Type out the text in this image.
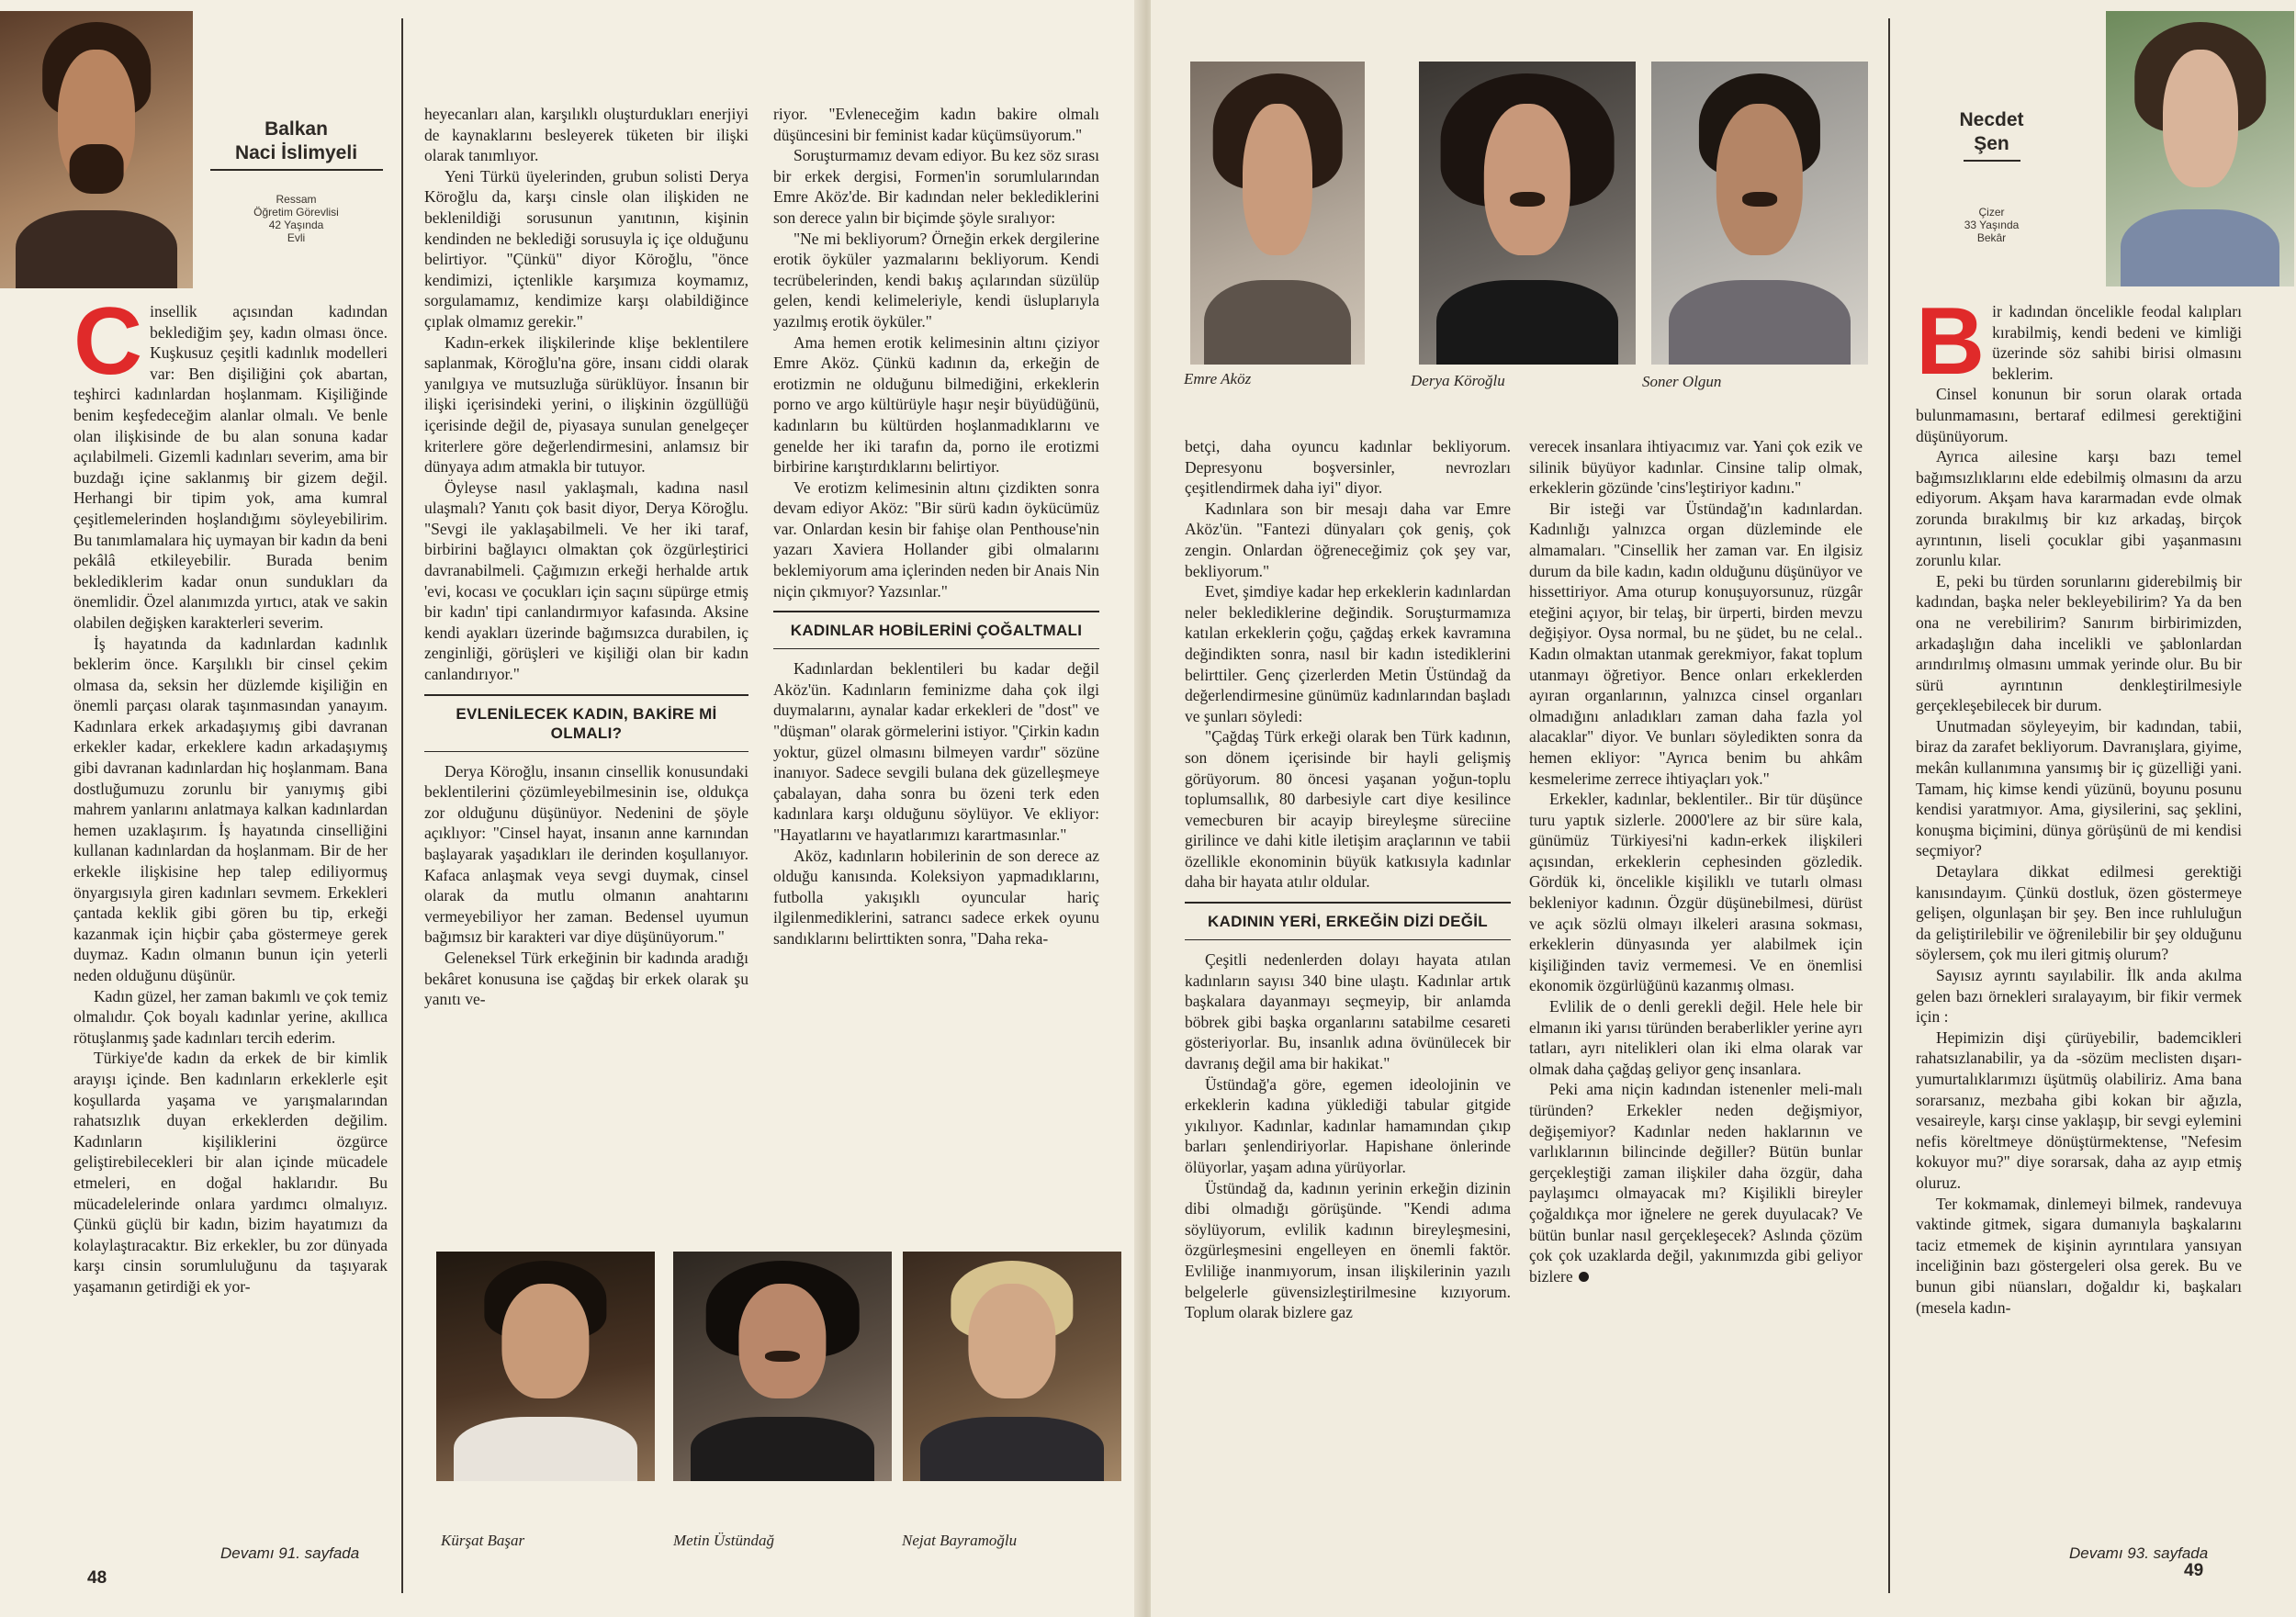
Balkan
Naci İslimyeli
Ressam
Öğretim Görevlisi
42 Yaşında
Evli
C insellik açısından kadından beklediğim şey, kadın olması önce. Kuşkusuz çeşitli kadınlık modelleri var: Ben dişiliğini çok abartan, teşhirci kadınlardan hoşlanmam. Kişiliğinde benim keşfedeceğim alanlar olmalı. Ve benle olan ilişkisinde de bu alan sonuna kadar açılabilmeli. Gizemli kadınları severim, ama bir buzdağı içine saklanmış bir gizem değil. Herhangi bir tipim yok, ama kumral çeşitlemelerinden hoşlandığımı söyleyebilirim. Bu tanımlamalara hiç uymayan bir kadın da beni pekâlâ etkileyebilir. Burada benim beklediklerim kadar onun sundukları da önemlidir. Özel alanımızda yırtıcı, atak ve sakin olabilen değişken karakterleri severim.

İş hayatında da kadınlardan kadınlık beklerim önce. Karşılıklı bir cinsel çekim olmasa da, seksin her düzlemde kişiliğin en önemli parçası olarak taşınmasından yanayım. Kadınlara erkek arkadaşıymış gibi davranan erkekler kadar, erkeklere kadın arkadaşıymış gibi davranan kadınlardan hiç hoşlanmam. Bana dostluğumuzu zorunlu bir yanıymış gibi mahrem yanlarını anlatmaya kalkan kadınlardan hemen uzaklaşırım. İş hayatında cinselliğini kullanan kadınlardan da hoşlanmam. Bir de her erkekle ilişkisine hep talep ediliyormuş önyargısıyla giren kadınları sevmem. Erkekleri çantada keklik gibi gören bu tip, erkeği kazanmak için hiçbir çaba göstermeye gerek duymaz. Kadın olmanın bunun için yeterli neden olduğunu düşünür.

Kadın güzel, her zaman bakımlı ve çok temiz olmalıdır. Çok boyalı kadınlar yerine, akıllıca rötuşlanmış şade kadınları tercih ederim.

Türkiye'de kadın da erkek de bir kimlik arayışı içinde. Ben kadınların erkeklerle eşit koşullarda yaşama ve yarışmalarından rahatsızlık duyan erkeklerden değilim. Kadınların kişiliklerini özgürce geliştirebilecekleri bir alan içinde mücadele etmeleri, en doğal haklarıdır. Bu mücadelelerinde onlara yardımcı olmalıyız. Çünkü güçlü bir kadın, bizim hayatımızı da kolaylaştıracaktır. Biz erkekler, bu zor dünyada karşı cinsin sorumluluğunu da taşıyarak yaşamanın getirdiği ek yor-

Devamı 91. sayfada
48

heyecanları alan, karşılıklı oluşturdukları enerjiyi de kaynaklarını besleyerek tüketen bir ilişki olarak tanımlıyor.

Yeni Türkü üyelerinden, grubun solisti Derya Köroğlu da, karşı cinsle olan ilişkiden ne beklenildiği sorusunun yanıtının, kişinin kendinden ne beklediği sorusuyla iç içe olduğunu belirtiyor. "Çünkü" diyor Köroğlu, "önce kendimizi, içtenlikle karşımıza koymamız, sorgulamamız, kendimize karşı olabildiğince çıplak olmamız gerekir."

Kadın-erkek ilişkilerinde klişe beklentilere saplanmak, Köroğlu'na göre, insanı ciddi olarak yanılgıya ve mutsuzluğa sürüklüyor. İnsanın bir ilişki içerisindeki yerini, o ilişkinin özgüllüğü içerisinde değil de, piyasaya sunulan genelgeçer kriterlere göre değerlendirmesini, anlamsız bir dünyaya adım atmakla bir tutuyor.

Öyleyse nasıl yaklaşmalı, kadına nasıl ulaşmalı? Yanıtı çok basit diyor, Derya Köroğlu. "Sevgi ile yaklaşabilmeli. Ve her iki taraf, birbirini bağlayıcı olmaktan çok özgürleştirici davranabilmeli. Çağımızın erkeği herhalde artık 'evi, kocası ve çocukları için saçını süpürge etmiş bir kadın' tipi canlandırmıyor kafasında. Aksine kendi ayakları üzerinde bağımsızca durabilen, iç zenginliği, görüşleri ve kişiliği olan bir kadın canlandırıyor."

EVLENİLECEK KADIN, BAKİRE Mİ OLMALI?

Derya Köroğlu, insanın cinsellik konusundaki beklentilerini çözümleyebilmesinin ise, oldukça zor olduğunu düşünüyor. Nedenini de şöyle açıklıyor: "Cinsel hayat, insanın anne karnından başlayarak yaşadıkları ile derinden koşullanıyor. Kafaca anlaşmak veya sevgi duymak, cinsel olarak da mutlu olmanın anahtarını vermeyebiliyor her zaman. Bedensel uyumun bağımsız bir karakteri var diye düşünüyorum."

Geleneksel Türk erkeğinin bir kadında aradığı bekâret konusuna ise çağdaş bir erkek olarak şu yanıtı ve-

riyor. "Evleneceğim kadın bakire olmalı düşüncesini bir feminist kadar küçümsüyorum."

Soruşturmamız devam ediyor. Bu kez söz sırası bir erkek dergisi, Formen'in sorumlularından Emre Aköz'de. Bir kadından neler beklediklerini son derece yalın bir biçimde şöyle sıralıyor:

"Ne mi bekliyorum? Örneğin erkek dergilerine erotik öyküler yazmalarını bekliyorum. Kendi tecrübelerinden, kendi bakış açılarından süzülüp gelen, kendi kelimeleriyle, kendi üsluplarıyla yazılmış erotik öyküler."

Ama hemen erotik kelimesinin altını çiziyor Emre Aköz. Çünkü kadının da, erkeğin de erotizmin ne olduğunu bilmediğini, erkeklerin porno ve argo kültürüyle haşır neşir büyüdüğünü, kadınların bu kültürden hoşlanmadıklarını ve genelde her iki tarafın da, porno ile erotizmi birbirine karıştırdıklarını belirtiyor.

Ve erotizm kelimesinin altını çizdikten sonra devam ediyor Aköz: "Bir sürü kadın öykücümüz var. Onlardan kesin bir fahişe olan Penthouse'nin yazarı Xaviera Hollander gibi olmalarını beklemiyorum ama içlerinden neden bir Anais Nin niçin çıkmıyor? Yazsınlar."

KADINLAR HOBİLERİNİ ÇOĞALTMALI

Kadınlardan beklentileri bu kadar değil Aköz'ün. Kadınların feminizme daha çok ilgi duymalarını, aynalar kadar erkekleri de "dost" ve "düşman" olarak görmelerini istiyor. "Çirkin kadın yoktur, güzel olmasını bilmeyen vardır" sözüne inanıyor. Sadece sevgili bulana dek güzelleşmeye çabalayan, daha sonra bu özeni terk eden kadınlara karşı olduğunu söylüyor. Ve ekliyor: "Hayatlarını ve hayatlarımızı karartmasınlar."

Aköz, kadınların hobilerinin de son derece az olduğu kanısında. Koleksiyon yapmadıklarını, futbolla yakışıklı oyuncular hariç ilgilenmediklerini, satrancı sadece erkek oyunu sandıklarını belirttikten sonra, "Daha reka-

Kürşat Başar	Metin Üstündağ	Nejat Bayramoğlu
Emre Aköz	Derya Köroğlu	Soner Olgun
Necdet
Şen
Çizer
33 Yaşında
Bekâr

betçi, daha oyuncu kadınlar bekliyorum. Depresyonu boşversinler, nevrozları çeşitlendirmek daha iyi" diyor.

Kadınlara son bir mesajı daha var Emre Aköz'ün. "Fantezi dünyaları çok geniş, çok zengin. Onlardan öğreneceğimiz çok şey var, bekliyorum."

Evet, şimdiye kadar hep erkeklerin kadınlardan neler beklediklerine değindik. Soruşturmamıza katılan erkeklerin çoğu, çağdaş erkek kavramına değindikten sonra, nasıl bir kadın istediklerini belirttiler. Genç çizerlerden Metin Üstündağ da değerlendirmesine günümüz kadınlarından başladı ve şunları söyledi:

"Çağdaş Türk erkeği olarak ben Türk kadının, son dönem içerisinde bir hayli gelişmiş görüyorum. 80 öncesi yaşanan yoğun-toplu toplumsallık, 80 darbesiyle cart diye kesilince vemecburen bir acayip bireyleşme süreciine girilince ve dahi kitle iletişim araçlarının ve tabii özellikle ekonominin büyük katkısıyla kadınlar daha bir hayata atılır oldular.

KADININ YERİ, ERKEĞİN DİZİ DEĞİL

Çeşitli nedenlerden dolayı hayata atılan kadınların sayısı 340 bine ulaştı. Kadınlar artık başkalara dayanmayı seçmeyip, bir anlamda böbrek gibi başka organlarını satabilme cesareti gösteriyorlar. Bu, insanlık adına övünülecek bir davranış değil ama bir hakikat."

Üstündağ'a göre, egemen ideolojinin ve erkeklerin kadına yüklediği tabular gitgide yıkılıyor. Kadınlar, kadınlar hamamından çıkıp barları şenlendiriyorlar. Hapishane önlerinde ölüyorlar, yaşam adına yürüyorlar.

Üstündağ da, kadının yerinin erkeğin dizinin dibi olmadığı görüşünde. "Kendi adıma söylüyorum, evlilik kadının bireyleşmesini, özgürleşmesini engelleyen en önemli faktör. Evliliğe inanmıyorum, insan ilişkilerinin yazılı belgelerle güvensizleştirilmesine kızıyorum. Toplum olarak bizlere gaz

verecek insanlara ihtiyacımız var. Yani çok ezik ve silinik büyüyor kadınlar. Cinsine talip olmak, erkeklerin gözünde 'cins'leştiriyor kadını."

Bir isteği var Üstündağ'ın kadınlardan. Kadınlığı yalnızca organ düzleminde ele almamaları. "Cinsellik her zaman var. En ilgisiz durum da bile kadın, kadın olduğunu düşünüyor ve hissettiriyor. Ama oturup konuşuyorsunuz, rüzgâr eteğini açıyor, bir telaş, bir ürperti, birden mevzu değişiyor. Oysa normal, bu ne şüdet, bu ne celal.. Kadın olmaktan utanmak gerekmiyor, fakat toplum utanmayı öğretiyor. Bence onları erkeklerden ayıran organlarının, yalnızca cinsel organları olmadığını anladıkları zaman daha fazla yol alacaklar" diyor. Ve bunları söyledikten sonra da hemen ekliyor: "Ayrıca benim bu ahkâm kesmelerime zerrece ihtiyaçları yok."

Erkekler, kadınlar, beklentiler.. Bir tür düşünce turu yaptık sizlerle. 2000'lere az bir süre kala, günümüz Türkiyesi'ni kadın-erkek ilişkileri açısından, erkeklerin cephesinden gözledik. Gördük ki, öncelikle kişiliklı ve tutarlı olması bekleniyor kadının. Özgür düşünebilmesi, dürüst ve açık sözlü olmayı ilkeleri arasına sokması, erkeklerin dünyasında yer alabilmek için kişiliğinden taviz vermemesi. Ve en önemlisi ekonomik özgürlüğünü kazanmış olması.

Evlilik de o denli gerekli değil. Hele hele bir elmanın iki yarısı türünden beraberlikler yerine ayrı tatları, ayrı nitelikleri olan iki elma olarak var olmak daha çağdaş geliyor genç insanlara.

Peki ama niçin kadından istenenler meli-malı türünden? Erkekler neden değişmiyor, değişemiyor? Kadınlar neden haklarının ve varlıklarının bilincinde değiller? Bütün bunlar gerçekleştiği zaman ilişkiler daha özgür, daha paylaşımcı olmayacak mı? Kişilikli bireyler çoğaldıkça mor iğnelere ne gerek duyulacak? Ve bütün bunlar nasıl gerçekleşecek? Aslında çözüm çok çok uzaklarda değil, yakınımızda gibi geliyor bizlere

B ir kadından öncelikle feodal kalıpları kırabilmiş, kendi bedeni ve kimliği üzerinde söz sahibi birisi olmasını beklerim.

Cinsel konunun bir sorun olarak ortada bulunmamasını, bertaraf edilmesi gerektiğini düşünüyorum.

Ayrıca ailesine karşı bazı temel bağımsızlıklarını elde edebilmiş olmasını da arzu ediyorum. Akşam hava kararmadan evde olmak zorunda bırakılmış bir kız arkadaş, birçok ayrıntının, liseli çocuklar gibi yaşanmasını zorunlu kılar.

E, peki bu türden sorunlarını giderebilmiş bir kadından, başka neler bekleyebilirim? Ya da ben ona ne verebilirim? Sanırım birbirimizden, arkadaşlığın daha incelikli ve şablonlardan arındırılmış olmasını ummak yerinde olur. Bu bir sürü ayrıntının denkleştirilmesiyle gerçekleşebilecek bir durum.

Unutmadan söyleyeyim, bir kadından, tabii, biraz da zarafet bekliyorum. Davranışlara, giyime, mekân kullanımına yansımış bir iç güzelliği yani. Tamam, hiç kimse kendi yüzünü, boyunu posunu kendisi yaratmıyor. Ama, giysilerini, saç şeklini, konuşma biçimini, dünya görüşünü de mi kendisi seçmiyor?

Detaylara dikkat edilmesi gerektiği kanısındayım. Çünkü dostluk, özen göstermeye gelişen, olgunlaşan bir şey. Ben ince ruhluluğun da geliştirilebilir ve öğrenilebilir bir şey olduğunu söylersem, çok mu ileri gitmiş olurum?

Sayısız ayrıntı sayılabilir. İlk anda akılma gelen bazı örnekleri sıralayayım, bir fikir vermek için :

Hepimizin dişi çürüyebilir, bademcikleri rahatsızlanabilir, ya da -sözüm meclisten dışarı- yumurtalıklarımızı üşütmüş olabiliriz. Ama bana sorarsanız, mezbaha gibi kokan bir ağızla, vesaireyle, karşı cinse yaklaşıp, bir sevgi eylemini nefis köreltmeye dönüştürmektense, "Nefesim kokuyor mu?" diye sorarsak, daha az ayıp etmiş oluruz.

Ter kokmamak, dinlemeyi bilmek, randevuya vaktinde gitmek, sigara dumanıyla başkalarını taciz etmemek de kişinin ayrıntılara yansıyan inceliğinin bazı göstergeleri olsa gerek. Bu ve bunun gibi nüansları, doğaldır ki, başkaları (mesela kadın-

Devamı 93. sayfada
49
